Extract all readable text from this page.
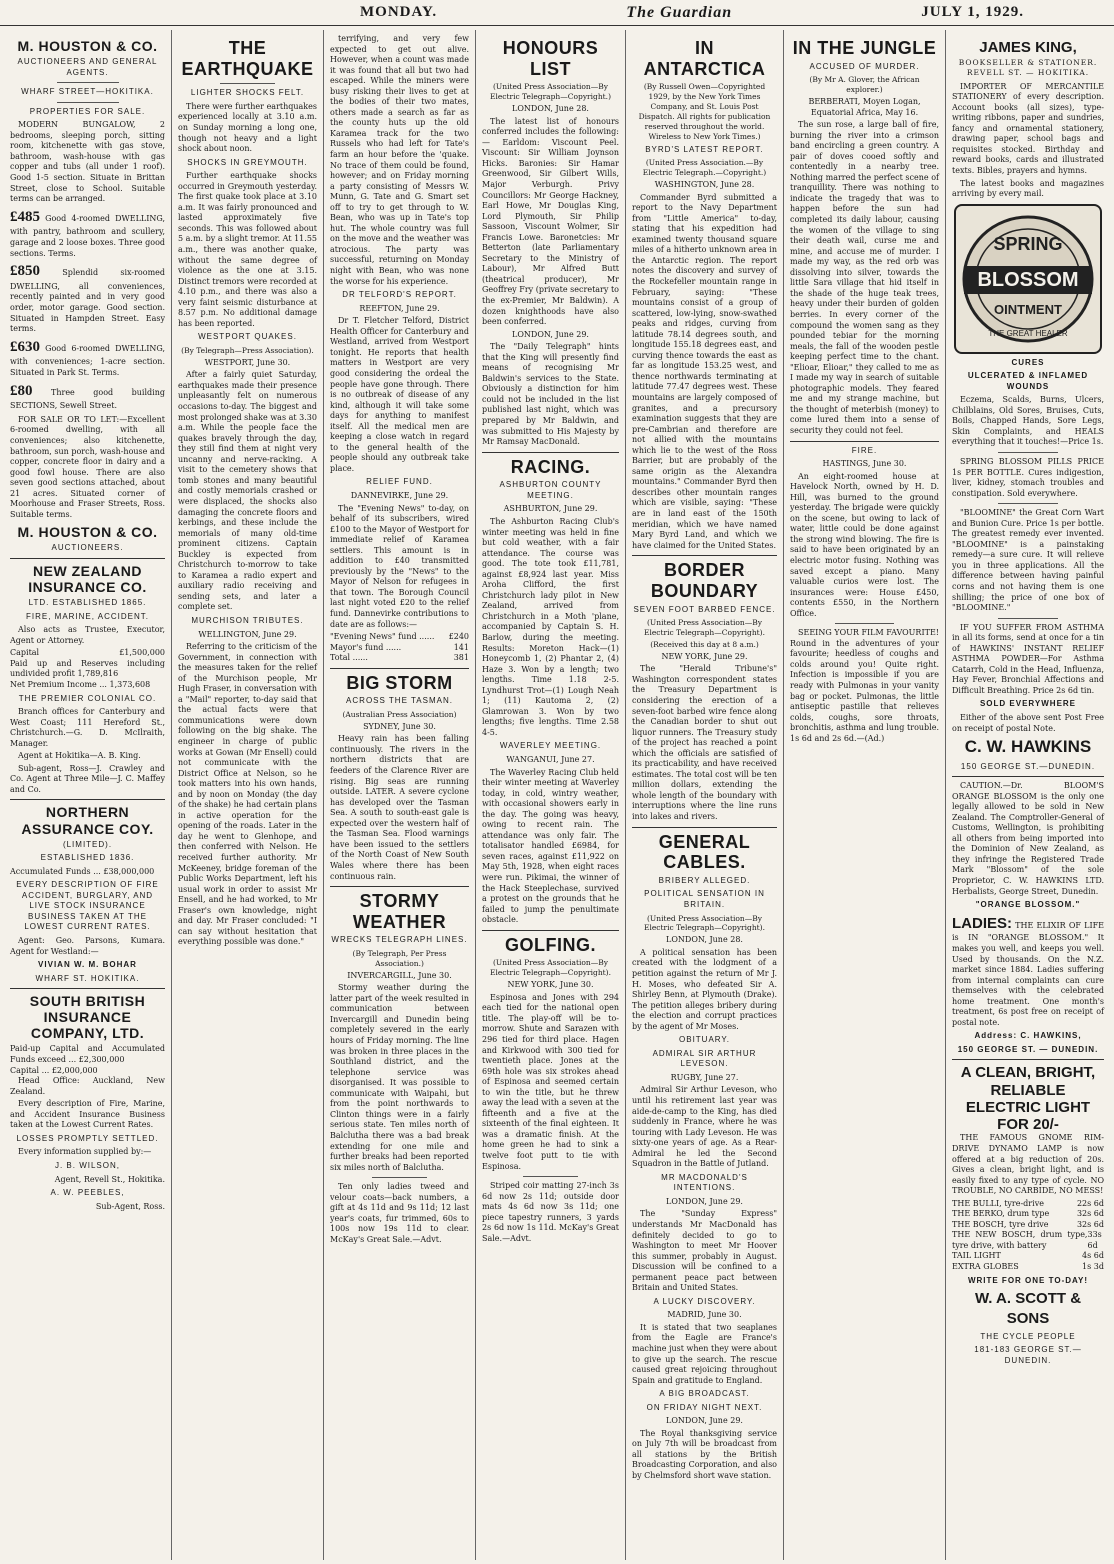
MONDAY.	The Guardian	JULY 1, 1929.
M. HOUSTON & CO.
AUCTIONEERS AND GENERAL AGENTS.
WHARF STREET—HOKITIKA.
PROPERTIES FOR SALE.

MODERN BUNGALOW, 2 bedrooms, sleeping porch, sitting room, kitchenette with gas stove, bathroom, wash-house with gas copper and tubs (all under 1 roof). Good 1-5 section. Situate in Brittan Street, close to School. Suitable terms can be arranged.

£485 Good 4-roomed DWELLING, with pantry, bathroom and scullery, garage and 2 loose boxes. Three good sections. Terms.
£850	Splendid six-roomed DWELLING, all conveniences, recently painted and in very good order, motor garage. Good section. Situated in Hampden Street. Easy terms.
£630 Good 6-roomed DWELLING, with conveniences; 1-acre section. Situated in Park St. Terms.
£80 Three good building SECTIONS, Sewell Street.

FOR SALE OR TO LET:—Excellent 6-roomed dwelling, with all conveniences; also kitchenette, bathroom, sun porch, wash-house and copper, concrete floor in dairy and a good fowl house. There are also seven good sections attached, about 21 acres. Situated corner of Moorhouse and Fraser Streets, Ross. Suitable terms.

M. HOUSTON & CO.
AUCTIONEERS.
NEW ZEALAND INSURANCE CO.
LTD. ESTABLISHED 1865.
FIRE, MARINE, ACCIDENT.

Also acts as Trustee, Executor, Agent or Attorney.

Capital	£1,500,000

Paid up and Reserves including undivided profit 1,789,816

Net Premium Income ... 1,373,608

THE PREMIER COLONIAL CO.

Branch offices for Canterbury and West Coast; 111 Hereford St., Christchurch.—G. D. McIlraith, Manager.

Agent at Hokitika—A. B. King.

Sub-agent, Ross—J. Crawley and Co. Agent at Three Mile—J. C. Maffey and Co.

NORTHERN ASSURANCE COY.
(LIMITED).
ESTABLISHED 1836.

Accumulated Funds ... £38,000,000

EVERY DESCRIPTION OF FIRE ACCIDENT, BURGLARY, AND LIVE STOCK INSURANCE BUSINESS TAKEN AT THE LOWEST CURRENT RATES.

Agent: Geo. Parsons, Kumara. Agent for Westland:—

VIVIAN W. M. BOHAR
WHARF ST. HOKITIKA.
SOUTH BRITISH INSURANCE COMPANY, LTD.

Paid-up Capital and Accumulated Funds exceed ... £2,300,000

Capital ... £2,000,000

Head Office: Auckland, New Zealand.

Every description of Fire, Marine, and Accident Insurance Business taken at the Lowest Current Rates.

LOSSES PROMPTLY SETTLED.

Every information supplied by:—

J. B. WILSON,

Agent, Revell St., Hokitika.

A. W. PEEBLES,

Sub-Agent, Ross.

THE EARTHQUAKE
LIGHTER SHOCKS FELT.

There were further earthquakes experienced locally at 3.10 a.m. on Sunday morning a long one, though not heavy and a light shock about noon.

SHOCKS IN GREYMOUTH.

Further earthquake shocks occurred in Greymouth yesterday. The first quake took place at 3.10 a.m. It was fairly pronounced and lasted approximately five seconds. This was followed about 5 a.m. by a slight tremor. At 11.55 a.m., there was another quake, without the same degree of violence as the one at 3.15. Distinct tremors were recorded at 4.10 p.m., and there was also a very faint seismic disturbance at 8.57 p.m. No additional damage has been reported.

WESTPORT QUAKES.

(By Telegraph—Press Association).

WESTPORT, June 30.

After a fairly quiet Saturday, earthquakes made their presence unpleasantly felt on numerous occasions to-day. The biggest and most prolonged shake was at 3.30 a.m. While the people face the quakes bravely through the day, they still find them at night very uncanny and nerve-racking. A visit to the cemetery shows that tomb stones and many beautiful and costly memorials crashed or were displaced, the shocks also damaging the concrete floors and kerbings, and these include the memorials of many old-time prominent citizens. Captain Buckley is expected from Christchurch to-morrow to take to Karamea a radio expert and auxiliary radio receiving and sending sets, and later a complete set.

MURCHISON TRIBUTES.

WELLINGTON, June 29.

Referring to the criticism of the Government, in connection with the measures taken for the relief of the Murchison people, Mr Hugh Fraser, in conversation with a "Mail" reporter, to-day said that the actual facts were that communications were down following on the big shake. The engineer in charge of public works at Gowan (Mr Ensell) could not communicate with the District Office at Nelson, so he took matters into his own hands, and by noon on Monday (the day of the shake) he had certain plans in active operation for the opening of the roads. Later in the day he went to Glenhope, and then conferred with Nelson. He received further authority. Mr McKeeney, bridge foreman of the Public Works Department, left his usual work in order to assist Mr Ensell, and he had worked, to Mr Fraser's own knowledge, night and day. Mr Fraser concluded: "I can say without hesitation that everything possible was done."

terrifying, and very few expected to get out alive. However, when a count was made it was found that all but two had escaped. While the miners were busy risking their lives to get at the bodies of their two mates, others made a search as far as the county huts up the old Karamea track for the two Russels who had left for Tate's farm an hour before the 'quake. No trace of them could be found, however; and on Friday morning a party consisting of Messrs W. Munn, G. Tate and G. Smart set off to try to get through to W. Bean, who was up in Tate's top hut. The whole country was full on the move and the weather was atrocious. The party was successful, returning on Monday night with Bean, who was none the worse for his experience.

DR TELFORD'S REPORT.

REEFTON, June 29.

Dr T. Fletcher Telford, District Health Officer for Canterbury and Westland, arrived from Westport tonight. He reports that health matters in Westport are very good considering the ordeal the people have gone through. There is no outbreak of disease of any kind, although it will take some days for anything to manifest itself. All the medical men are keeping a close watch in regard to the general health of the people should any outbreak take place.

RELIEF FUND.

DANNEVIRKE, June 29.

The "Evening News" to-day, on behalf of its subscribers, wired £100 to the Mayor of Westport for immediate relief of Karamea settlers. This amount is in addition to £40 transmitted previously by the "News" to the Mayor of Nelson for refugees in that town. The Borough Council last night voted £20 to the relief fund. Dannevirke contributions to date are as follows:—

"Evening News" fund ...... £240
Mayor's fund ......	141
Total ......	381
BIG STORM
ACROSS THE TASMAN.

(Australian Press Association)

SYDNEY, June 30.

Heavy rain has been falling continuously. The rivers in the northern districts that are feeders of the Clarence River are rising. Big seas are running outside. LATER. A severe cyclone has developed over the Tasman Sea. A south to south-east gale is expected over the western half of the Tasman Sea. Flood warnings have been issued to the settlers of the North Coast of New South Wales where there has been continuous rain.

STORMY WEATHER
WRECKS TELEGRAPH LINES.

(By Telegraph, Per Press Association.)

INVERCARGILL, June 30.

Stormy weather during the latter part of the week resulted in communication between Invercargill and Dunedin being completely severed in the early hours of Friday morning. The line was broken in three places in the Southland district, and the telephone service was disorganised. It was possible to communicate with Waipahi, but from the point northwards to Clinton things were in a fairly serious state. Ten miles north of Balclutha there was a bad break extending for one mile and further breaks had been reported six miles north of Balclutha.

Ten only ladies tweed and velour coats—back numbers, a gift at 4s 11d and 9s 11d; 12 last year's coats, fur trimmed, 60s to 100s now 19s 11d to clear. McKay's Great Sale.—Advt.

HONOURS LIST

(United Press Association—By Electric Telegraph—Copyright.)

LONDON, June 28.

The latest list of honours conferred includes the following:— Earldom: Viscount Peel. Viscount: Sir William Joynson Hicks. Baronies: Sir Hamar Greenwood, Sir Gilbert Wills, Major Verburgh. Privy Councillors: Mr George Hackney, Earl Howe, Mr Douglas King, Lord Plymouth, Sir Philip Sassoon, Viscount Wolmer, Sir Francis Lowe. Baronetcies: Mr Betterton (late Parliamentary Secretary to the Ministry of Labour), Mr Alfred Butt (theatrical producer), Mr Geoffrey Fry (private secretary to the ex-Premier, Mr Baldwin). A dozen knighthoods have also been conferred.

LONDON, June 29.

The "Daily Telegraph" hints that the King will presently find means of recognising Mr Baldwin's services to the State. Obviously a distinction for him could not be included in the list published last night, which was prepared by Mr Baldwin, and was submitted to His Majesty by Mr Ramsay MacDonald.

RACING.
ASHBURTON COUNTY MEETING.

ASHBURTON, June 29.

The Ashburton Racing Club's winter meeting was held in fine but cold weather, with a fair attendance. The course was good. The tote took £11,781, against £8,924 last year. Miss Aroha Clifford, the first Christchurch lady pilot in New Zealand, arrived from Christchurch in a Moth 'plane, accompanied by Captain S. H. Barlow, during the meeting. Results: Moreton Hack—(1) Honeycomb 1, (2) Phantar 2, (4) Haze 3. Won by a length; two lengths. Time 1.18 2-5. Lyndhurst Trot—(1) Lough Neah 1; (11) Kautoma 2, (2) Glamrowan 3. Won by two lengths; five lengths. Time 2.58 4-5.

WAVERLEY MEETING.

WANGANUI, June 27.

The Waverley Racing Club held their winter meeting at Waverley today, in cold, wintry weather, with occasional showers early in the day. The going was heavy, owing to recent rain. The attendance was only fair. The totalisator handled £6984, for seven races, against £11,922 on May 5th, 1928, when eight races were run. Pikimai, the winner of the Hack Steeplechase, survived a protest on the grounds that he failed to jump the penultimate obstacle.

GOLFING.

(United Press Association—By Electric Telegraph—Copyright).

NEW YORK, June 30.

Espinosa and Jones with 294 each tied for the national open title. The play-off will be to-morrow. Shute and Sarazen with 296 tied for third place. Hagen and Kirkwood with 300 tied for twentieth place. Jones at the 69th hole was six strokes ahead of Espinosa and seemed certain to win the title, but he threw away the lead with a seven at the fifteenth and a five at the sixteenth of the final eighteen. It was a dramatic finish. At the home green he had to sink a twelve foot putt to tie with Espinosa.

Striped coir matting 27-inch 3s 6d now 2s 11d; outside door mats 4s 6d now 3s 11d; one piece tapestry runners, 3 yards 2s 6d now 1s 11d. McKay's Great Sale.—Advt.

IN ANTARCTICA

(By Russell Owen—Copyrighted 1929, by the New York Times Company, and St. Louis Post Dispatch. All rights for publication reserved throughout the world. Wireless to New York Times.)

BYRD'S LATEST REPORT.

(United Press Association.—By Electric Telegraph.—Copyright.)

WASHINGTON, June 28.

Commander Byrd submitted a report to the Navy Department from "Little America" to-day, stating that his expedition had examined twenty thousand square miles of a hitherto unknown area in the Antarctic region. The report notes the discovery and survey of the Rockefeller mountain range in February, saying: "These mountains consist of a group of scattered, low-lying, snow-swathed peaks and ridges, curving from latitude 78.14 degrees south, and longitude 155.18 degrees east, and curving thence towards the east as far as longitude 153.25 west, and thence northwards terminating at latitude 77.47 degrees west. These mountains are largely composed of granites, and a precursory examination suggests that they are pre-Cambrian and therefore are not allied with the mountains which lie to the west of the Ross Barrier, but are probably of the same origin as the Alexandra mountains." Commander Byrd then describes other mountain ranges which are visible, saying: "These are in land east of the 150th meridian, which we have named Mary Byrd Land, and which we have claimed for the United States.

BORDER BOUNDARY
SEVEN FOOT BARBED FENCE.

(United Press Association—By Electric Telegraph—Copyright).

(Received this day at 8 a.m.)

NEW YORK, June 29.

The "Herald Tribune's" Washington correspondent states the Treasury Department is considering the erection of a seven-foot barbed wire fence along the Canadian border to shut out liquor runners. The Treasury study of the project has reached a point which the officials are satisfied of its practicability, and have received estimates. The total cost will be ten million dollars, extending the whole length of the boundary with interruptions where the line runs into lakes and rivers.

GENERAL CABLES.
BRIBERY ALLEGED.
POLITICAL SENSATION IN BRITAIN.

(United Press Association—By Electric Telegraph—Copyright).

LONDON, June 28.

A political sensation has been created with the lodgment of a petition against the return of Mr J. H. Moses, who defeated Sir A. Shirley Benn, at Plymouth (Drake). The petition alleges bribery during the election and corrupt practices by the agent of Mr Moses.

OBITUARY.
ADMIRAL SIR ARTHUR LEVESON.

RUGBY, June 27.

Admiral Sir Arthur Leveson, who until his retirement last year was aide-de-camp to the King, has died suddenly in France, where he was touring with Lady Leveson. He was sixty-one years of age. As a Rear-Admiral he led the Second Squadron in the Battle of Jutland.

MR MACDONALD'S INTENTIONS.

LONDON, June 29.

The "Sunday Express" understands Mr MacDonald has definitely decided to go to Washington to meet Mr Hoover this summer, probably in August. Discussion will be confined to a permanent peace pact between Britain and United States.

A LUCKY DISCOVERY.

MADRID, June 30.

It is stated that two seaplanes from the Eagle are France's machine just when they were about to give up the search. The rescue caused great rejoicing throughout Spain and gratitude to England.

A BIG BROADCAST.
ON FRIDAY NIGHT NEXT.

LONDON, June 29.

The Royal thanksgiving service on July 7th will be broadcast from all stations by the British Broadcasting Corporation, and also by Chelmsford short wave station.

IN THE JUNGLE
ACCUSED OF MURDER.

(By Mr A. Glover, the African explorer.)

BERBERATI, Moyen Logan, Equatorial Africa, May 16.

The sun rose, a large ball of fire, burning the river into a crimson band encircling a green country. A pair of doves cooed softly and contentedly in a nearby tree. Nothing marred the perfect scene of tranquillity. There was nothing to indicate the tragedy that was to happen before the sun had completed its daily labour, causing the women of the village to sing their death wail, curse me and mine, and accuse me of murder. I made my way, as the red orb was dissolving into silver, towards the little Sara village that hid itself in the shade of the huge teak trees, heavy under their burden of golden berries. In every corner of the compound the women sang as they pounded tebiar for the morning meals, the fall of the wooden pestle keeping perfect time to the chant. "Elioar, Elioar," they called to me as I made my way in search of suitable photographic models. They feared me and my strange machine, but the thought of meterbish (money) to come lured them into a sense of security they could not feel.

FIRE.

HASTINGS, June 30.

An eight-roomed house at Havelock North, owned by H. D. Hill, was burned to the ground yesterday. The brigade were quickly on the scene, but owing to lack of water, little could be done against the strong wind blowing. The fire is said to have been originated by an electric motor fusing. Nothing was saved except a piano. Many valuable curios were lost. The insurances were: House £450, contents £550, in the Northern Office.

SEEING YOUR FILM FAVOURITE! Round in the adventures of your favourite; heedless of coughs and colds around you! Quite right. Infection is impossible if you are ready with Pulmonas in your vanity bag or pocket. Pulmonas, the little antiseptic pastille that relieves colds, coughs, sore throats, bronchitis, asthma and lung trouble. 1s 6d and 2s 6d.—(Ad.)

JAMES KING,
BOOKSELLER & STATIONER.
REVELL ST. — HOKITIKA.

IMPORTER OF MERCANTILE STATIONERY of every description. Account books (all sizes), type-writing ribbons, paper and sundries, fancy and ornamental stationery, drawing paper, school bags and requisites stocked. Birthday and reward books, cards and illustrated texts. Bibles, prayers and hymns.

The latest books and magazines arriving by every mail.

SPRING
BLOSSOM
OINTMENT
THE GREAT HEALER
CURES
ULCERATED & INFLAMED WOUNDS

Eczema, Scalds, Burns, Ulcers, Chilblains, Old Sores, Bruises, Cuts, Boils, Chapped Hands, Sore Legs, Skin Complaints, and HEALS everything that it touches!—Price 1s.

SPRING BLOSSOM PILLS PRICE 1s PER BOTTLE. Cures indigestion, liver, kidney, stomach troubles and constipation. Sold everywhere.

"BLOOMINE" the Great Corn Wart and Bunion Cure. Price 1s per bottle. The greatest remedy ever invented. "BLOOMINE" is a painstaking remedy—a sure cure. It will relieve you in three applications. All the difference between having painful corns and not having them is one shilling; the price of one box of "BLOOMINE."

IF YOU SUFFER FROM ASTHMA in all its forms, send at once for a tin of HAWKINS' INSTANT RELIEF ASTHMA POWDER—For Asthma Catarrh, Cold in the Head, Influenza, Hay Fever, Bronchial Affections and Difficult Breathing. Price 2s 6d tin.

SOLD EVERYWHERE

Either of the above sent Post Free on receipt of postal Note.

C. W. HAWKINS
150 GEORGE ST.—DUNEDIN.

CAUTION.—Dr. BLOOM'S ORANGE BLOSSOM is the only one legally allowed to be sold in New Zealand. The Comptroller-General of Customs, Wellington, is prohibiting all others from being imported into the Dominion of New Zealand, as they infringe the Registered Trade Mark "Blossom" of the sole Proprietor, C. W. HAWKINS LTD. Herbalists, George Street, Dunedin.

"ORANGE BLOSSOM."

LADIES: THE ELIXIR OF LIFE is IN "ORANGE BLOSSOM." It makes you well, and keeps you well. Used by thousands. On the N.Z. market since 1884. Ladies suffering from internal complaints can cure themselves with the celebrated home treatment. One month's treatment, 6s post free on receipt of postal note.

Address: C. HAWKINS,
150 GEORGE ST. — DUNEDIN.
A CLEAN, BRIGHT,
RELIABLE
ELECTRIC LIGHT
FOR 20/-

THE FAMOUS GNOME RIM-DRIVE DYNAMO LAMP is now offered at a big reduction of 20s. Gives a clean, bright light, and is easily fixed to any type of cycle. NO TROUBLE, NO CARBIDE, NO MESS!

THE BULLI, tyre-drive	22s 6d
THE BERKO, drum type	32s 6d
THE BOSCH, tyre drive	32s 6d
THE NEW BOSCH, drum type, tyre drive, with battery
33s 6d
TAIL LIGHT	4s 6d
EXTRA GLOBES	1s 3d
WRITE FOR ONE TO-DAY!
W. A. SCOTT & SONS
THE CYCLE PEOPLE
181-183 GEORGE ST.—DUNEDIN.
